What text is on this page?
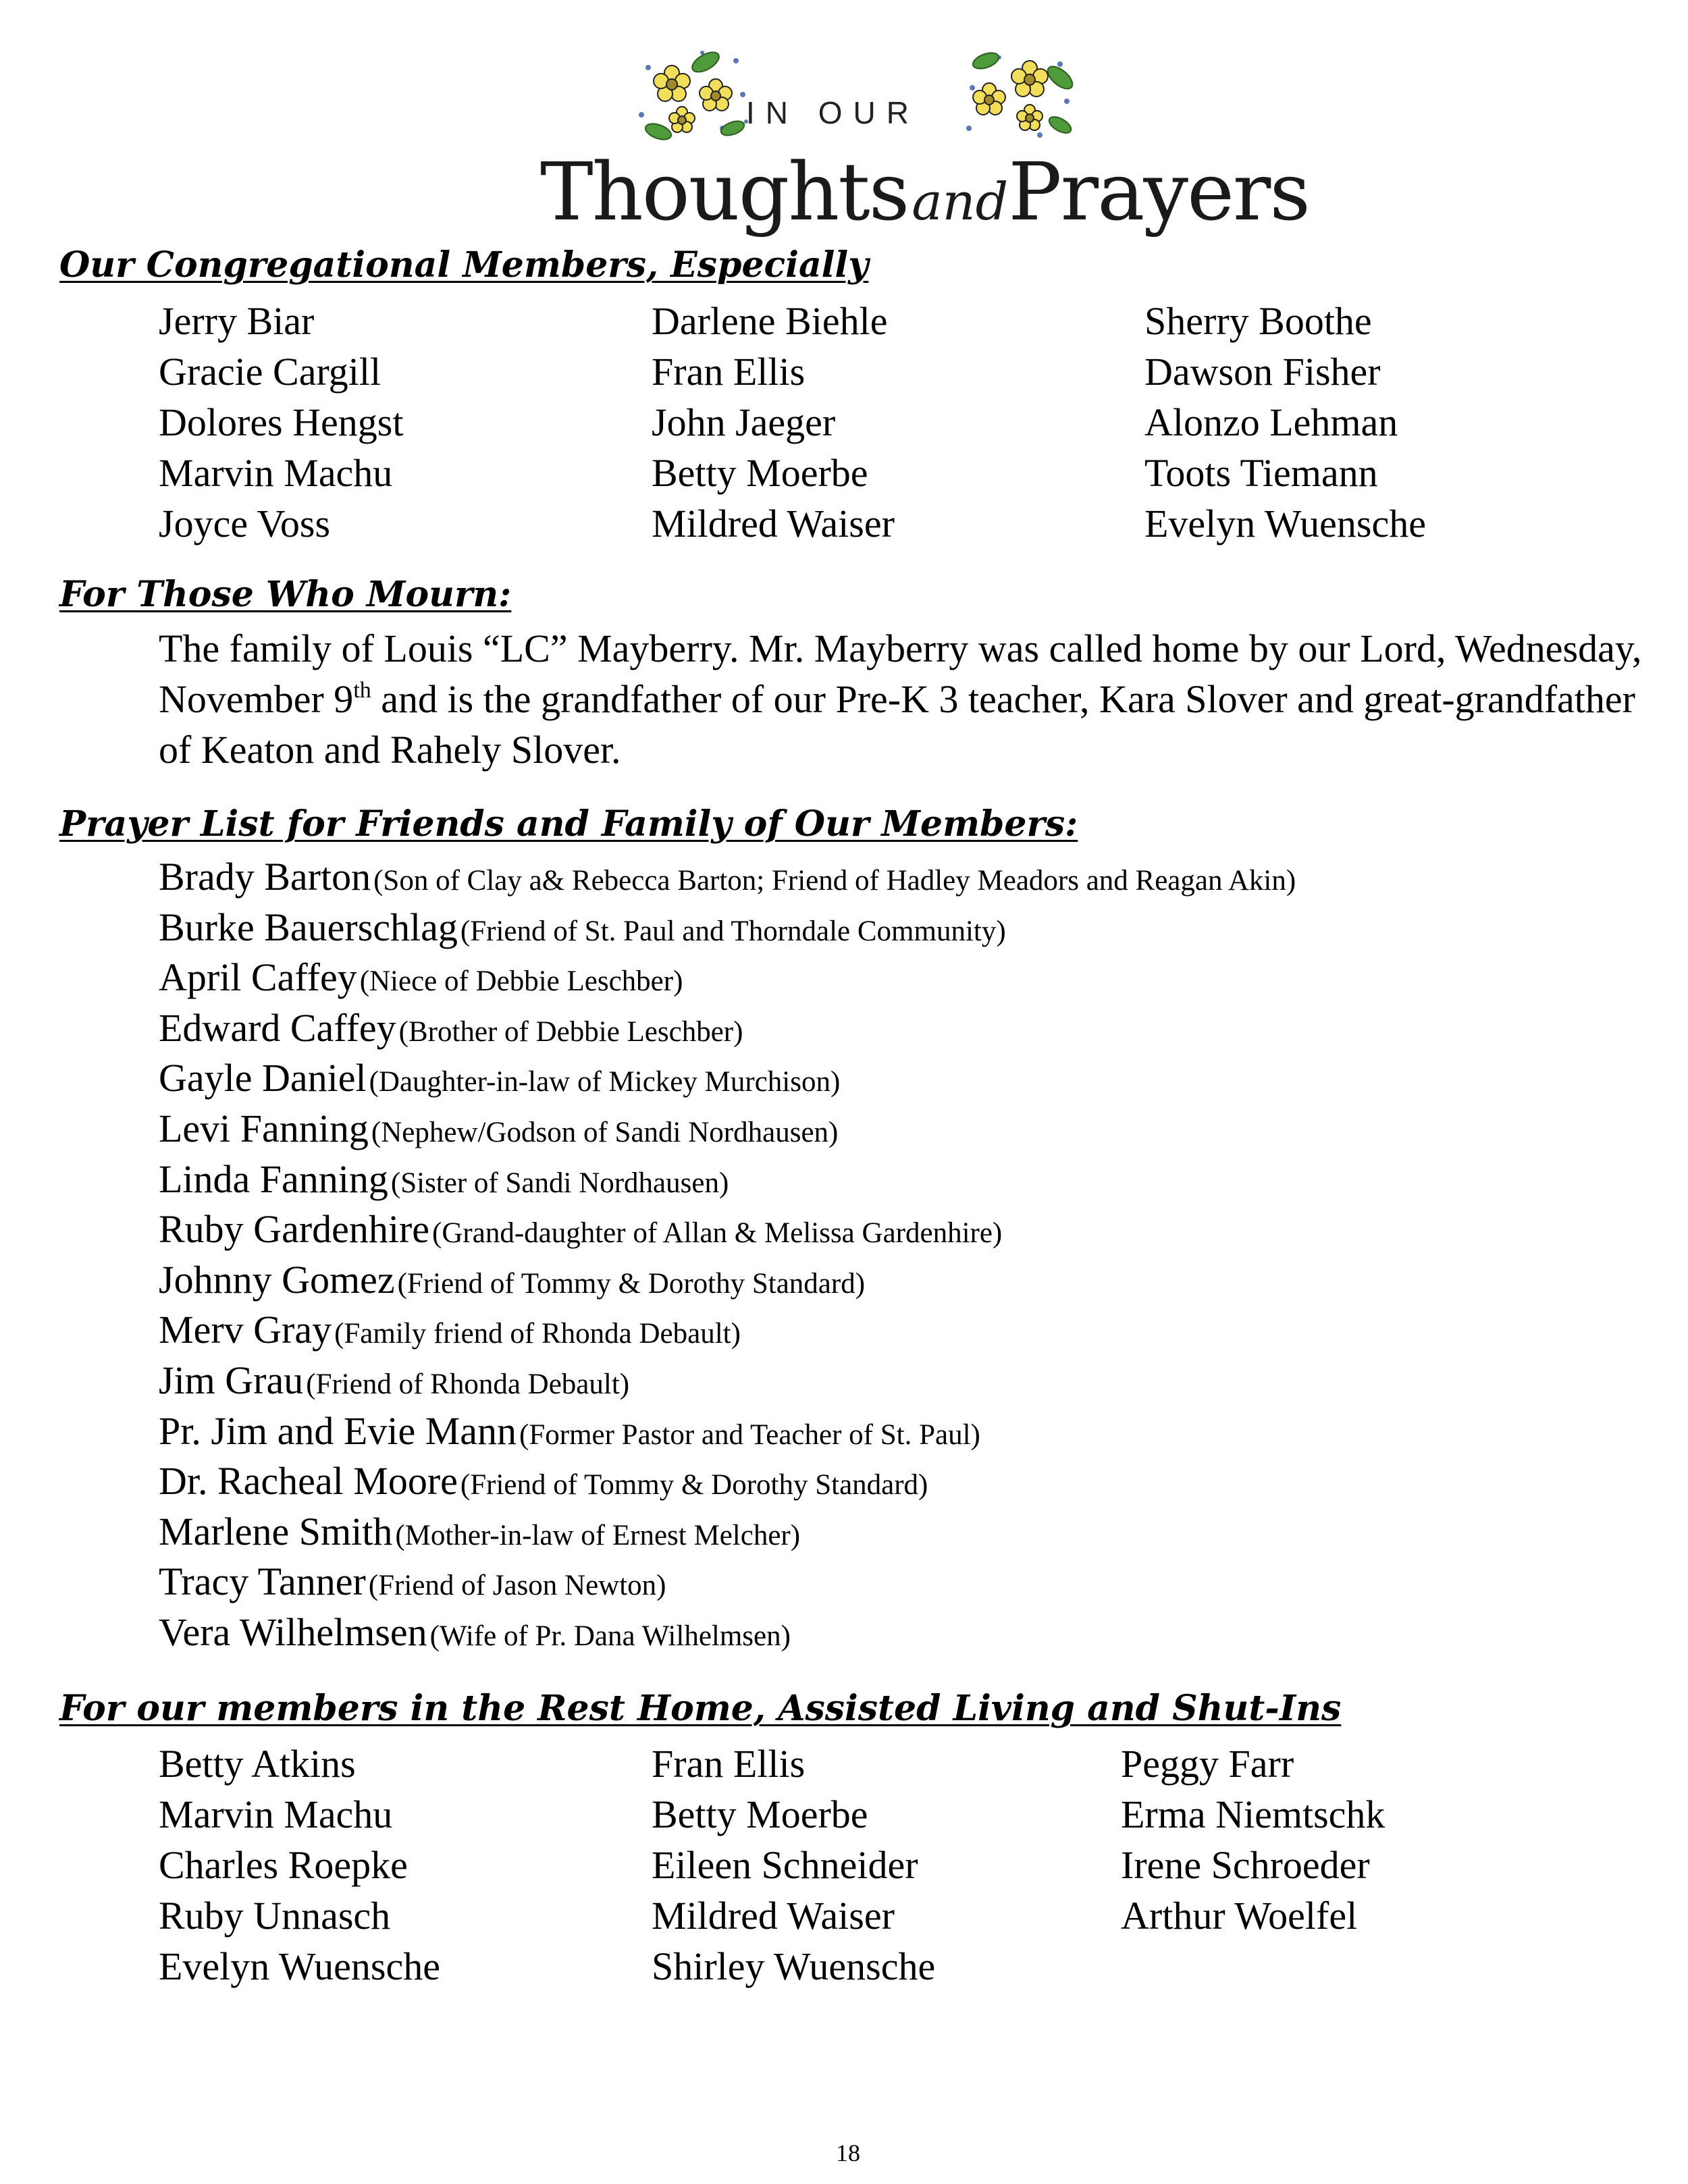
IN OUR
Thoughts andPrayers
Our Congregational Members, Especially
Jerry Biar	Darlene Biehle	Sherry Boothe
Gracie Cargill	Fran Ellis	Dawson Fisher
Dolores Hengst	John Jaeger	Alonzo Lehman
Marvin Machu	Betty Moerbe	Toots Tiemann
Joyce Voss	Mildred Waiser	Evelyn Wuensche
For Those Who Mourn:
The family of Louis “LC” Mayberry. Mr. Mayberry was called home by our Lord, Wednesday, November 9th and is the grandfather of our Pre-K 3 teacher, Kara Slover and great-grandfather of Keaton and Rahely Slover.
Prayer List for Friends and Family of Our Members:
Brady Barton (Son of Clay a& Rebecca Barton; Friend of Hadley Meadors and Reagan Akin)
Burke Bauerschlag (Friend of St. Paul and Thorndale Community)
April Caffey (Niece of Debbie Leschber)
Edward Caffey (Brother of Debbie Leschber)
Gayle Daniel (Daughter-in-law of Mickey Murchison)
Levi Fanning (Nephew/Godson of Sandi Nordhausen)
Linda Fanning (Sister of Sandi Nordhausen)
Ruby Gardenhire (Grand-daughter of Allan & Melissa Gardenhire)
Johnny Gomez (Friend of Tommy & Dorothy Standard)
Merv Gray (Family friend of Rhonda Debault)
Jim Grau (Friend of Rhonda Debault)
Pr. Jim and Evie Mann (Former Pastor and Teacher of St. Paul)
Dr. Racheal Moore (Friend of Tommy & Dorothy Standard)
Marlene Smith (Mother-in-law of Ernest Melcher)
Tracy Tanner (Friend of Jason Newton)
Vera Wilhelmsen (Wife of Pr. Dana Wilhelmsen)
For our members in the Rest Home, Assisted Living and Shut-Ins
Betty Atkins	Fran Ellis	Peggy Farr
Marvin Machu	Betty Moerbe	Erma Niemtschk
Charles Roepke	Eileen Schneider	Irene Schroeder
Ruby Unnasch	Mildred Waiser	Arthur Woelfel
Evelyn Wuensche	Shirley Wuensche
18
